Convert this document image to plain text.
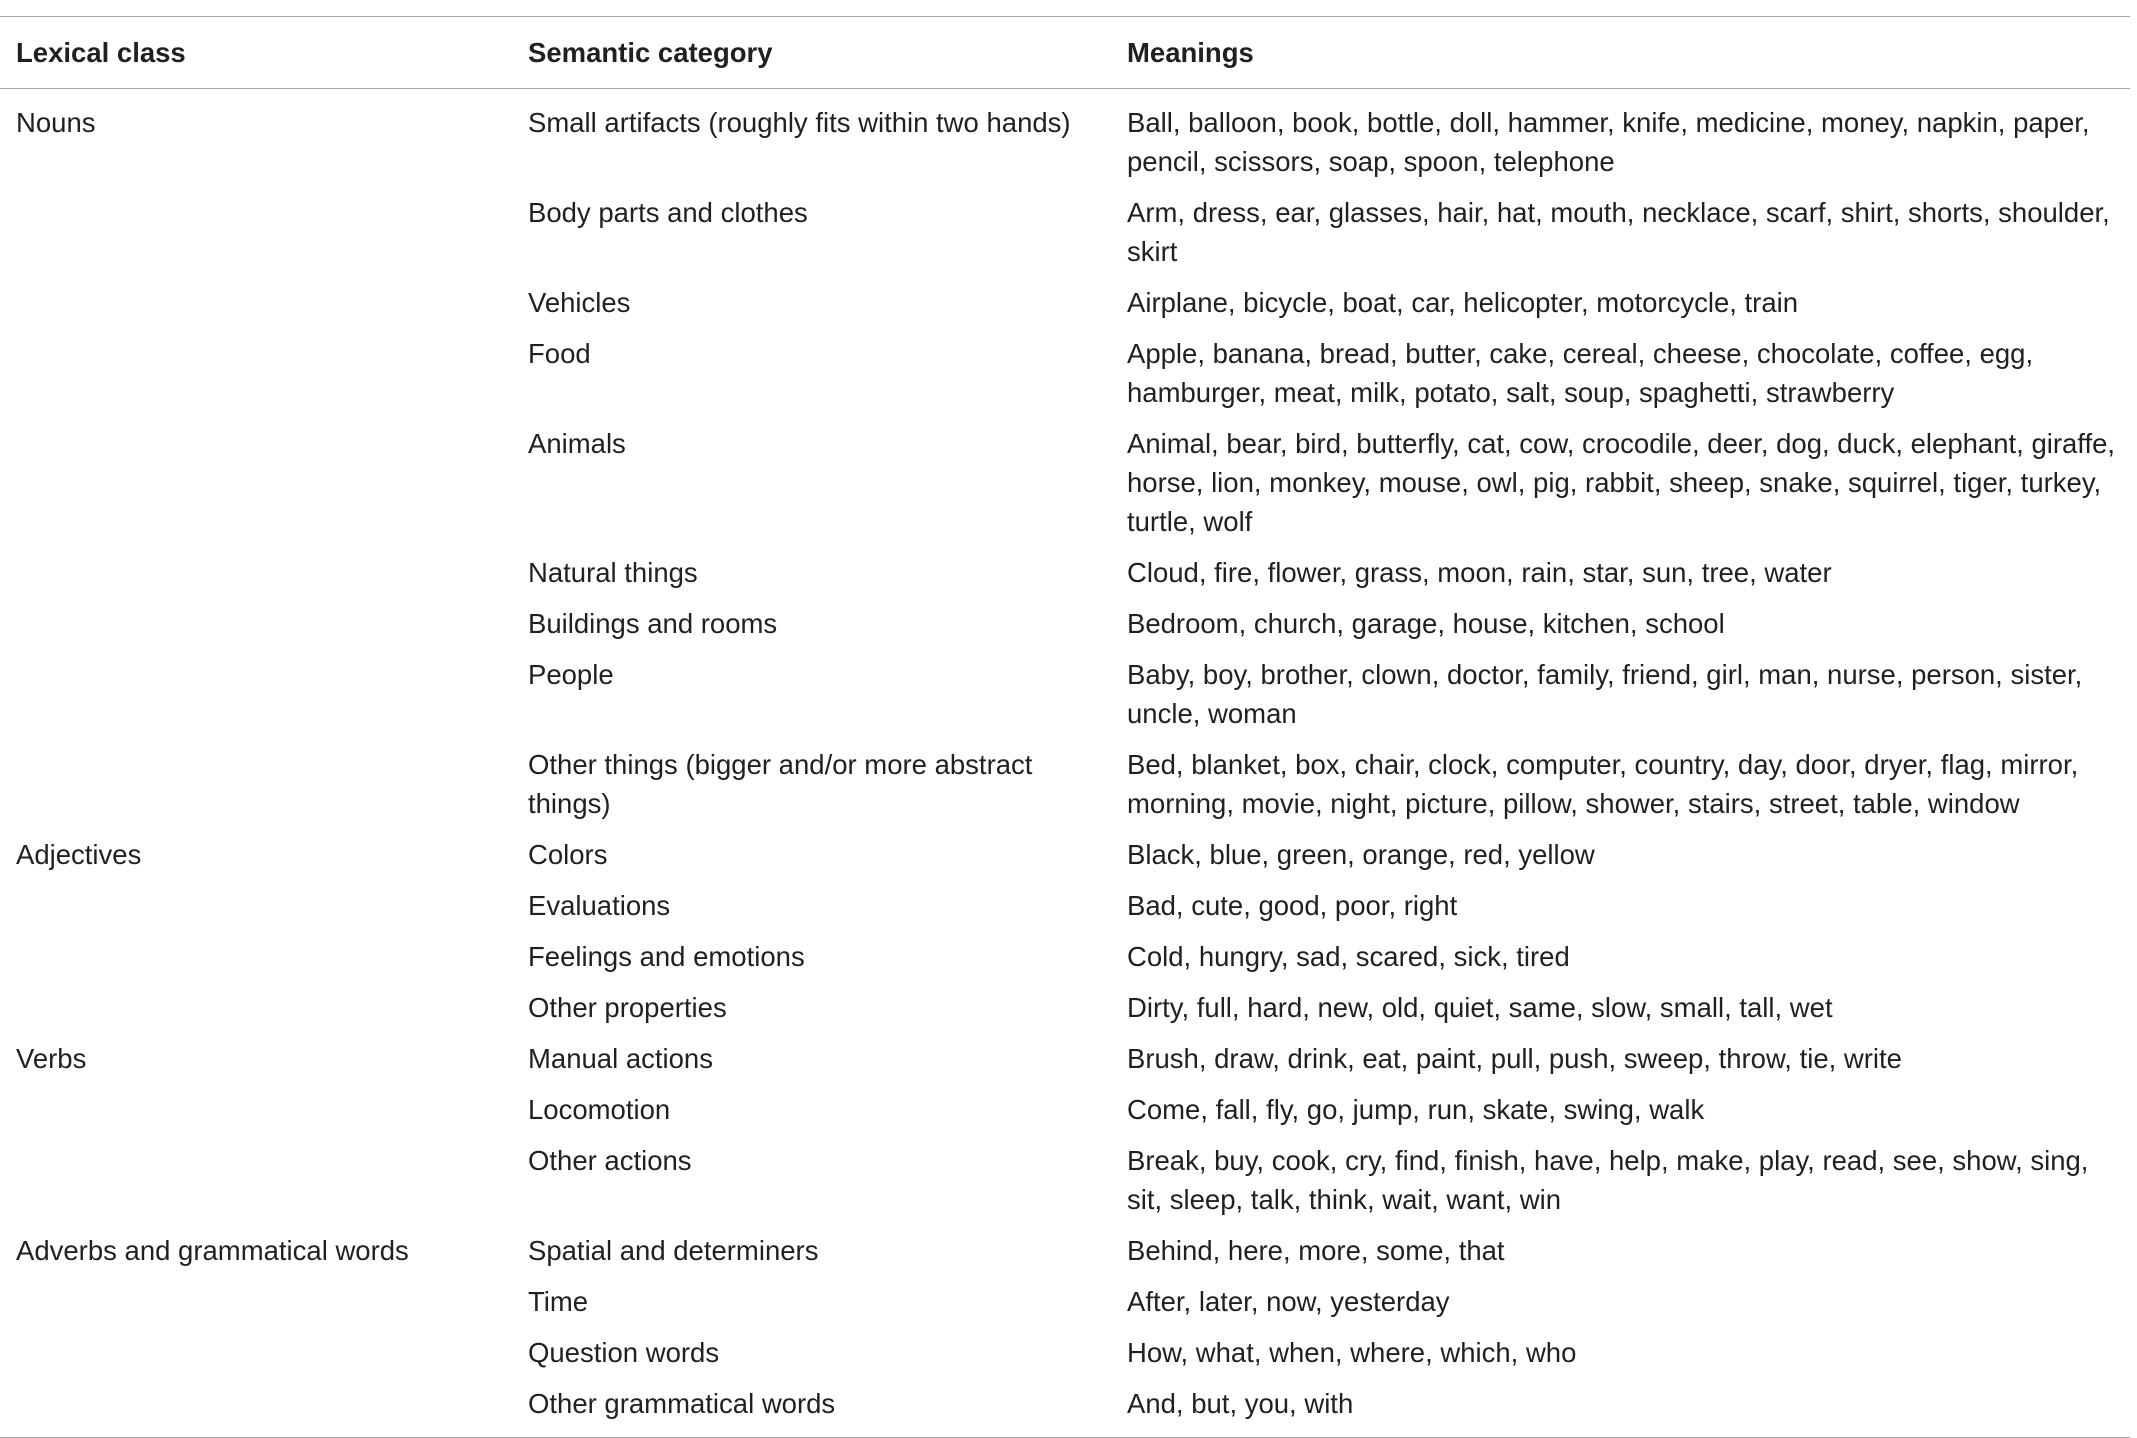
Lexical class	Semantic category	Meanings
Nouns	Small artifacts (roughly fits within two hands)	Ball, balloon, book, bottle, doll, hammer, knife, medicine, money, napkin, paper, pencil, scissors, soap, spoon, telephone
	Body parts and clothes	Arm, dress, ear, glasses, hair, hat, mouth, necklace, scarf, shirt, shorts, shoulder, skirt
	Vehicles	Airplane, bicycle, boat, car, helicopter, motorcycle, train
	Food	Apple, banana, bread, butter, cake, cereal, cheese, chocolate, coffee, egg, hamburger, meat, milk, potato, salt, soup, spaghetti, strawberry
	Animals	Animal, bear, bird, butterfly, cat, cow, crocodile, deer, dog, duck, elephant, giraffe, horse, lion, monkey, mouse, owl, pig, rabbit, sheep, snake, squirrel, tiger, turkey, turtle, wolf
	Natural things	Cloud, fire, flower, grass, moon, rain, star, sun, tree, water
	Buildings and rooms	Bedroom, church, garage, house, kitchen, school
	People	Baby, boy, brother, clown, doctor, family, friend, girl, man, nurse, person, sister, uncle, woman
	Other things (bigger and/or more abstract things)	Bed, blanket, box, chair, clock, computer, country, day, door, dryer, flag, mirror, morning, movie, night, picture, pillow, shower, stairs, street, table, window
Adjectives	Colors	Black, blue, green, orange, red, yellow
	Evaluations	Bad, cute, good, poor, right
	Feelings and emotions	Cold, hungry, sad, scared, sick, tired
	Other properties	Dirty, full, hard, new, old, quiet, same, slow, small, tall, wet
Verbs	Manual actions	Brush, draw, drink, eat, paint, pull, push, sweep, throw, tie, write
	Locomotion	Come, fall, fly, go, jump, run, skate, swing, walk
	Other actions	Break, buy, cook, cry, find, finish, have, help, make, play, read, see, show, sing, sit, sleep, talk, think, wait, want, win
Adverbs and grammatical words	Spatial and determiners	Behind, here, more, some, that
	Time	After, later, now, yesterday
	Question words	How, what, when, where, which, who
	Other grammatical words	And, but, you, with
